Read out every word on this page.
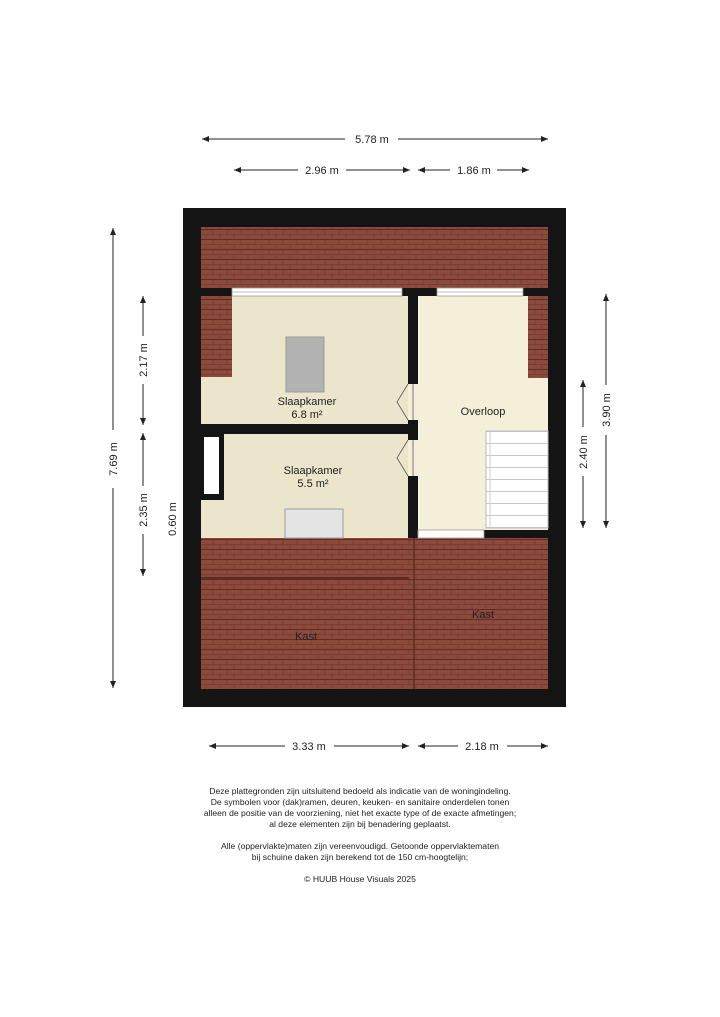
5.78 m
2.96 m	1.86 m
7.69 m
2.17 m
2.35 m 0.60 m
2.40 m
3.90 m
3.33 m	2.18 m
Slaapkamer
6.8 m²
Slaapkamer
5.5 m²
Overloop
Kast
Kast

Deze plattegronden zijn uitsluitend bedoeld als indicatie van de woningindeling.

De symbolen voor (dak)ramen, deuren, keuken- en sanitaire onderdelen tonen

alleen de positie van de voorziening, niet het exacte type of de exacte afmetingen;

al deze elementen zijn bij benadering geplaatst.

Alle (oppervlakte)maten zijn vereenvoudigd. Getoonde oppervlaktematen

bij schuine daken zijn berekend tot de 150 cm-hoogtelijn;

© HUUB House Visuals 2025
